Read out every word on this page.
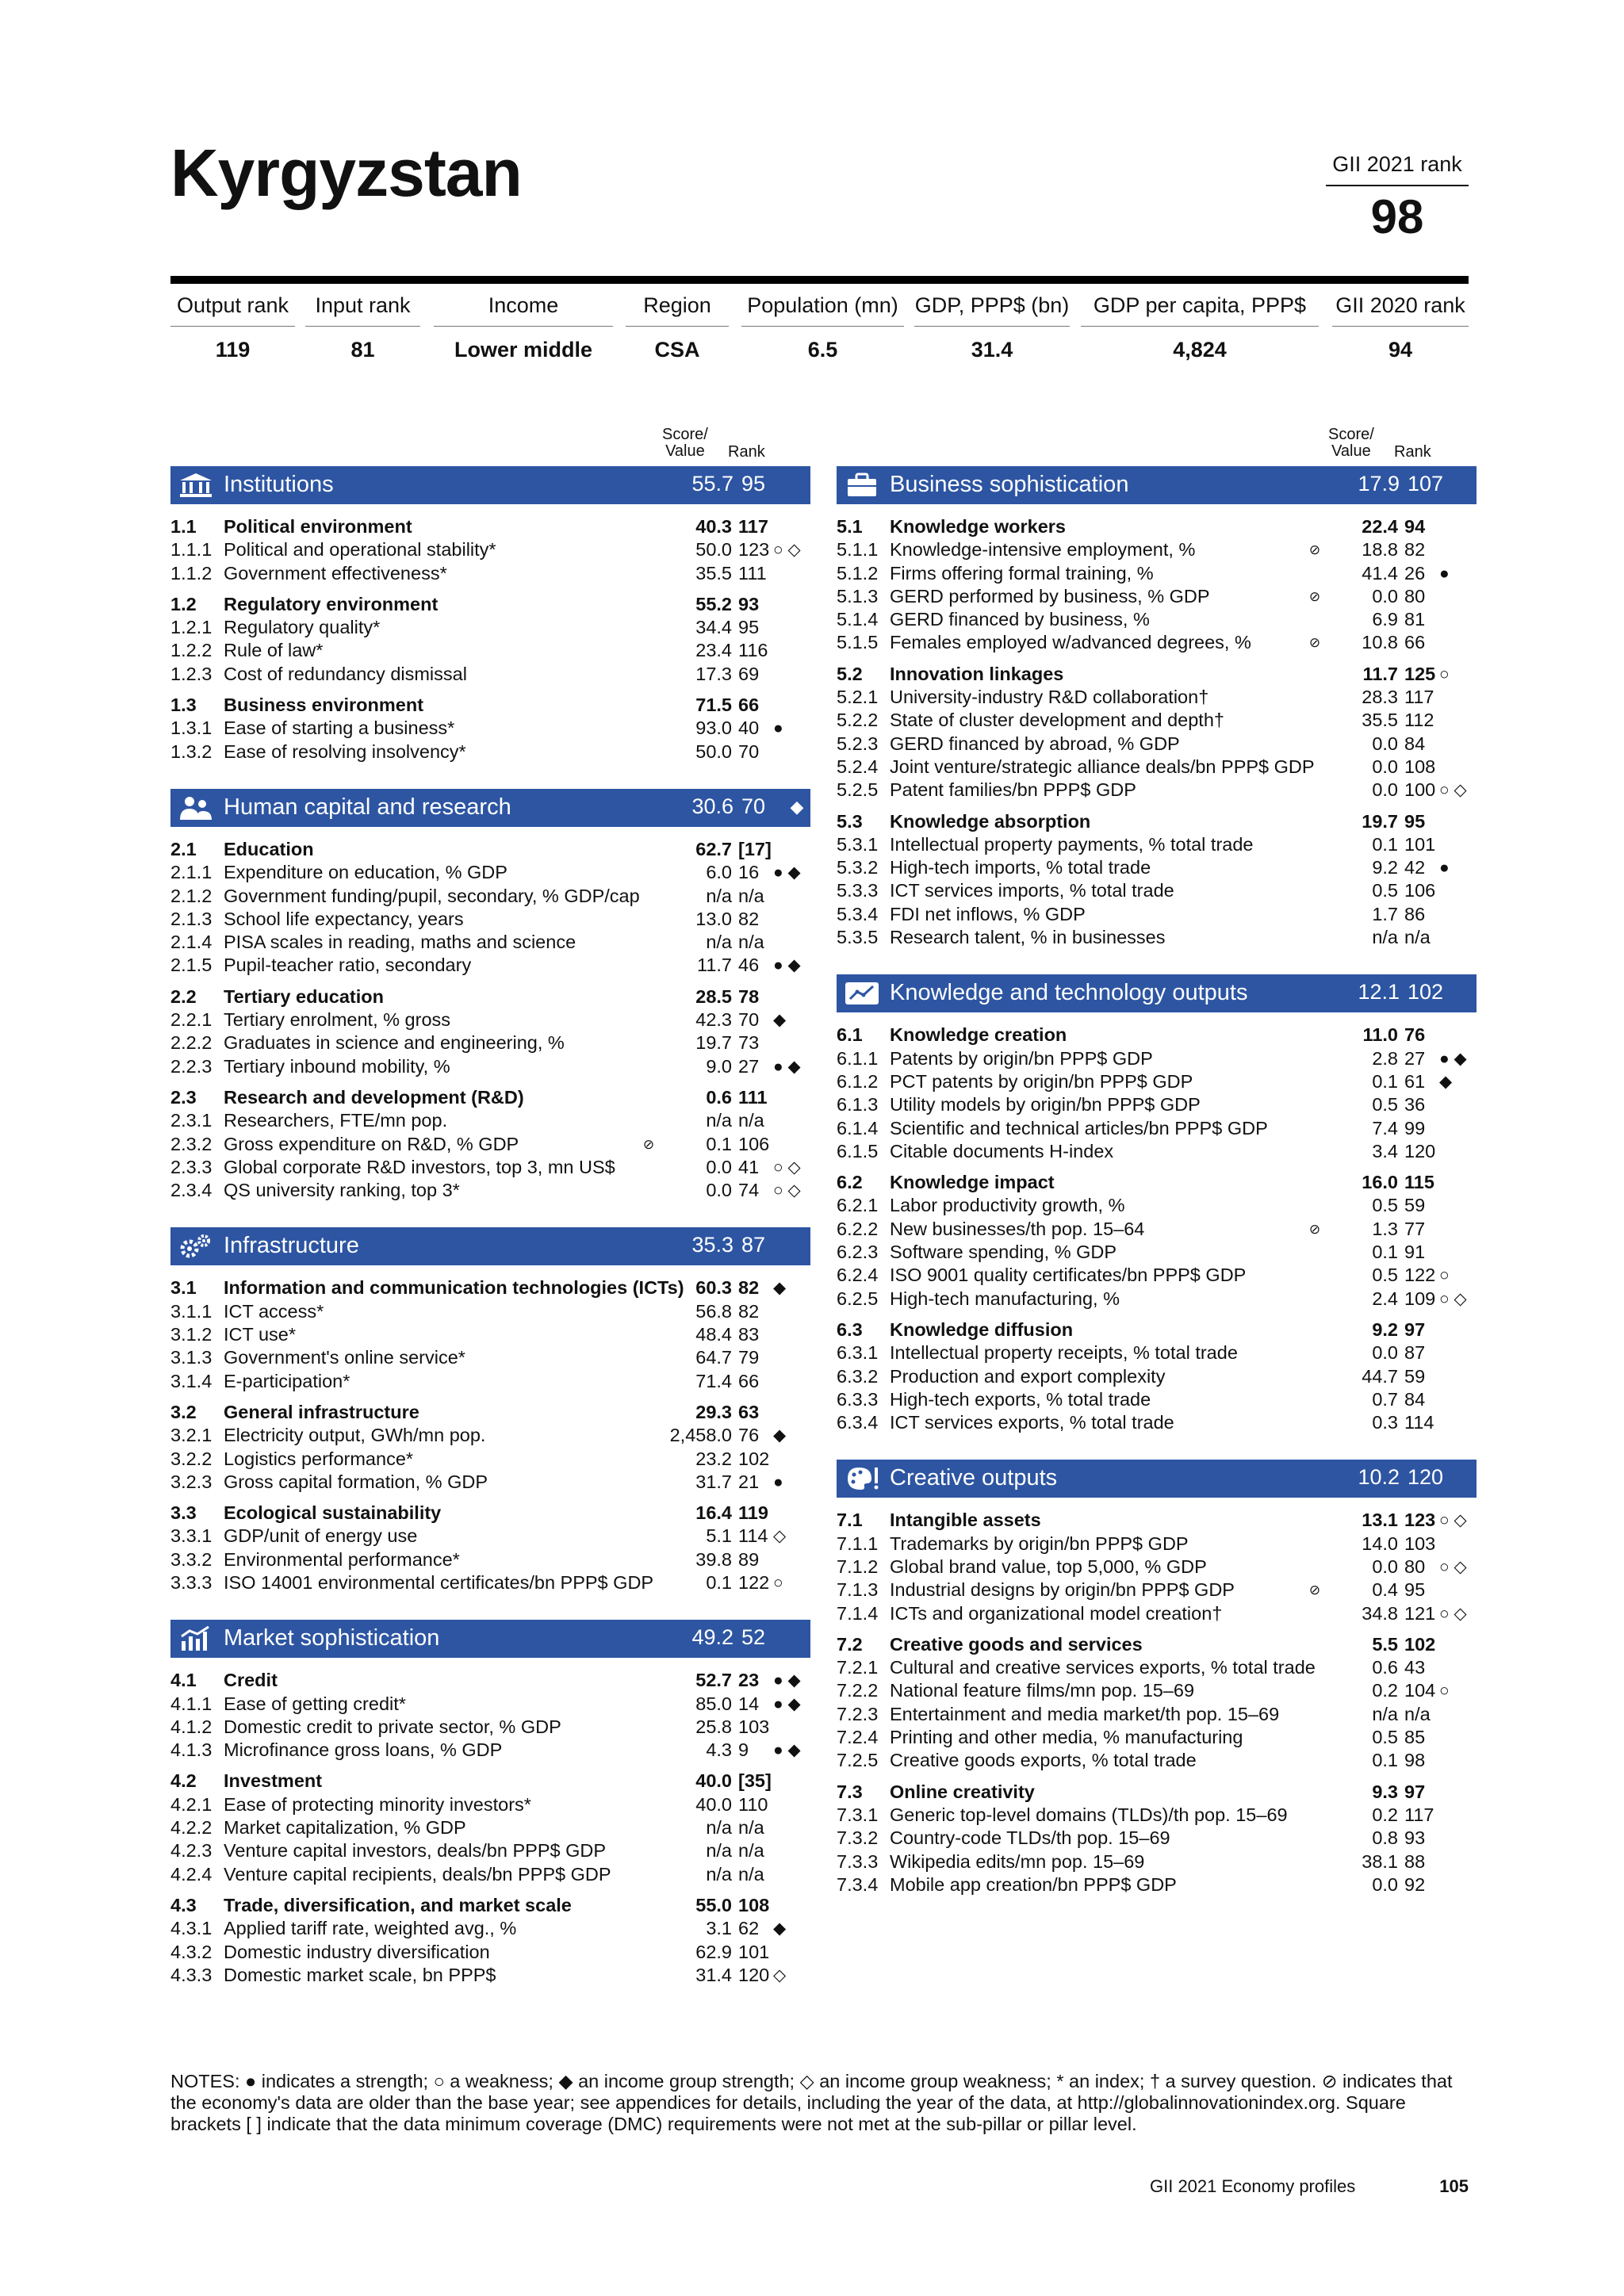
Kyrgyzstan	GII 2021 rank
98
Output rank
119
Input rank
81
Income
Lower middle
Region
CSA
Population (mn)
6.5
GDP, PPP$ (bn)
31.4
GDP per capita, PPP$
4,824
GII 2020 rank
94
Score/
Value Rank
Institutions	55.7 95
1.1 Political environment	40.3 117
1.1.1 Political and operational stability*	50.0 123 ○ ◇
1.1.2 Government effectiveness*	35.5 111
1.2 Regulatory environment	55.2 93
1.2.1 Regulatory quality*	34.4 95
1.2.2 Rule of law*	23.4 116
1.2.3 Cost of redundancy dismissal	17.3 69
1.3 Business environment	71.5 66
1.3.1 Ease of starting a business*	93.0 40 ●
1.3.2 Ease of resolving insolvency*	50.0 70
Human capital and research	30.6 70	◆
2.1 Education	62.7 [17]
2.1.1 Expenditure on education, % GDP	6.0 16 ● ◆
2.1.2 Government funding/pupil, secondary, % GDP/cap	n/a n/a
2.1.3 School life expectancy, years	13.0 82
2.1.4 PISA scales in reading, maths and science	n/a n/a
2.1.5 Pupil-teacher ratio, secondary	11.7 46 ● ◆
2.2 Tertiary education	28.5 78
2.2.1 Tertiary enrolment, % gross	42.3 70 ◆
2.2.2 Graduates in science and engineering, %	19.7 73
2.2.3 Tertiary inbound mobility, %	9.0 27 ● ◆
2.3 Research and development (R&D)	0.6 111
2.3.1 Researchers, FTE/mn pop.	n/a n/a
2.3.2 Gross expenditure on R&D, % GDP	⊘	0.1 106
2.3.3 Global corporate R&D investors, top 3, mn US$	0.0 41 ○ ◇
2.3.4 QS university ranking, top 3*	0.0 74 ○ ◇
Infrastructure	35.3 87
3.1 Information and communication technologies (ICTs) 60.3 82 ◆
3.1.1 ICT access*	56.8 82
3.1.2 ICT use*	48.4 83
3.1.3 Government's online service*	64.7 79
3.1.4 E-participation*	71.4 66
3.2 General infrastructure	29.3 63
3.2.1 Electricity output, GWh/mn pop.	2,458.0 76 ◆
3.2.2 Logistics performance*	23.2 102
3.2.3 Gross capital formation, % GDP	31.7 21 ●
3.3 Ecological sustainability	16.4 119
3.3.1 GDP/unit of energy use	5.1 114 ◇
3.3.2 Environmental performance*	39.8 89
3.3.3 ISO 14001 environmental certificates/bn PPP$ GDP	0.1 122 ○
Market sophistication	49.2 52
4.1 Credit	52.7 23 ● ◆
4.1.1 Ease of getting credit*	85.0 14 ● ◆
4.1.2 Domestic credit to private sector, % GDP	25.8 103
4.1.3 Microfinance gross loans, % GDP	4.3 9	● ◆
4.2 Investment	40.0 [35]
4.2.1 Ease of protecting minority investors*	40.0 110
4.2.2 Market capitalization, % GDP	n/a n/a
4.2.3 Venture capital investors, deals/bn PPP$ GDP	n/a n/a
4.2.4 Venture capital recipients, deals/bn PPP$ GDP	n/a n/a
4.3 Trade, diversification, and market scale	55.0 108
4.3.1 Applied tariff rate, weighted avg., %	3.1 62 ◆
4.3.2 Domestic industry diversification	62.9 101
4.3.3 Domestic market scale, bn PPP$	31.4 120 ◇
Score/
Value Rank
Business sophistication	17.9 107
5.1 Knowledge workers	22.4 94
5.1.1 Knowledge-intensive employment, %	⊘	18.8 82
5.1.2 Firms offering formal training, %	41.4 26 ●
5.1.3 GERD performed by business, % GDP	⊘	0.0 80
5.1.4 GERD financed by business, %	6.9 81
5.1.5 Females employed w/advanced degrees, %	⊘	10.8 66
5.2 Innovation linkages	11.7 125 ○
5.2.1 University-industry R&D collaboration†	28.3 117
5.2.2 State of cluster development and depth†	35.5 112
5.2.3 GERD financed by abroad, % GDP	0.0 84
5.2.4 Joint venture/strategic alliance deals/bn PPP$ GDP	0.0 108
5.2.5 Patent families/bn PPP$ GDP	0.0 100 ○ ◇
5.3 Knowledge absorption	19.7 95
5.3.1 Intellectual property payments, % total trade	0.1 101
5.3.2 High-tech imports, % total trade	9.2 42 ●
5.3.3 ICT services imports, % total trade	0.5 106
5.3.4 FDI net inflows, % GDP	1.7 86
5.3.5 Research talent, % in businesses	n/a n/a
Knowledge and technology outputs	12.1 102
6.1 Knowledge creation	11.0 76
6.1.1 Patents by origin/bn PPP$ GDP	2.8 27 ● ◆
6.1.2 PCT patents by origin/bn PPP$ GDP	0.1 61 ◆
6.1.3 Utility models by origin/bn PPP$ GDP	0.5 36
6.1.4 Scientific and technical articles/bn PPP$ GDP	7.4 99
6.1.5 Citable documents H-index	3.4 120
6.2 Knowledge impact	16.0 115
6.2.1 Labor productivity growth, %	0.5 59
6.2.2 New businesses/th pop. 15–64	⊘	1.3 77
6.2.3 Software spending, % GDP	0.1 91
6.2.4 ISO 9001 quality certificates/bn PPP$ GDP	0.5 122 ○
6.2.5 High-tech manufacturing, %	2.4 109 ○ ◇
6.3 Knowledge diffusion	9.2 97
6.3.1 Intellectual property receipts, % total trade	0.0 87
6.3.2 Production and export complexity	44.7 59
6.3.3 High-tech exports, % total trade	0.7 84
6.3.4 ICT services exports, % total trade	0.3 114
Creative outputs	10.2 120
7.1 Intangible assets	13.1 123 ○ ◇
7.1.1 Trademarks by origin/bn PPP$ GDP	14.0 103
7.1.2 Global brand value, top 5,000, % GDP	0.0 80 ○ ◇
7.1.3 Industrial designs by origin/bn PPP$ GDP	⊘	0.4 95
7.1.4 ICTs and organizational model creation†	34.8 121 ○ ◇
7.2 Creative goods and services	5.5 102
7.2.1 Cultural and creative services exports, % total trade	0.6 43
7.2.2 National feature films/mn pop. 15–69	0.2 104 ○
7.2.3 Entertainment and media market/th pop. 15–69	n/a n/a
7.2.4 Printing and other media, % manufacturing	0.5 85
7.2.5 Creative goods exports, % total trade	0.1 98
7.3 Online creativity	9.3 97
7.3.1 Generic top-level domains (TLDs)/th pop. 15–69	0.2 117
7.3.2 Country-code TLDs/th pop. 15–69	0.8 93
7.3.3 Wikipedia edits/mn pop. 15–69	38.1 88
7.3.4 Mobile app creation/bn PPP$ GDP	0.0 92
NOTES: ● indicates a strength; ○ a weakness; ◆ an income group strength; ◇ an income group weakness; * an index; † a survey question. ⊘ indicates that the economy's data are older than the base year; see appendices for details, including the year of the data, at http://globalinnovationindex.org. Square brackets [ ] indicate that the data minimum coverage (DMC) requirements were not met at the sub-pillar or pillar level.
GII 2021 Economy profiles	105
